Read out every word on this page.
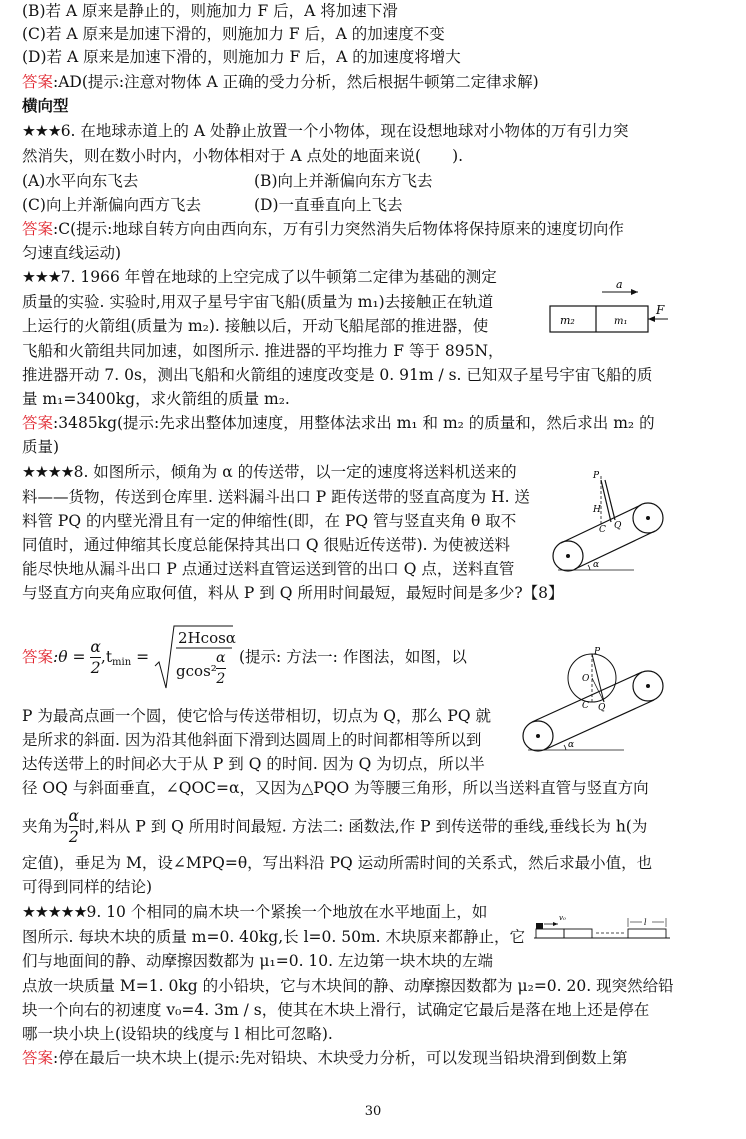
(B)若 A 原来是静止的，则施加力 F 后，A 将加速下滑
(C)若 A 原来是加速下滑的，则施加力 F 后，A 的加速度不变
(D)若 A 原来是加速下滑的，则施加力 F 后，A 的加速度将增大
答案:AD(提示:注意对物体 A 正确的受力分析，然后根据牛顿第二定律求解)
横向型
★★★6. 在地球赤道上的 A 处静止放置一个小物体，现在设想地球对小物体的万有引力突
然消失，则在数小时内，小物体相对于 A 点处的地面来说(　　).
(A)水平向东飞去	(B)向上并渐偏向东方飞去
(C)向上并渐偏向西方飞去	(D)一直垂直向上飞去
答案:C(提示:地球自转方向由西向东，万有引力突然消失后物体将保持原来的速度切向作
匀速直线运动)
★★★7. 1966 年曾在地球的上空完成了以牛顿第二定律为基础的测定
质量的实验. 实验时,用双子星号宇宙飞船(质量为 m₁)去接触正在轨道
上运行的火箭组(质量为 m₂). 接触以后，开动飞船尾部的推进器，使
飞船和火箭组共同加速，如图所示. 推进器的平均推力 F 等于 895N，
推进器开动 7. 0s，测出飞船和火箭组的速度改变是 0. 91m / s. 已知双子星号宇宙飞船的质
量 m₁=3400kg，求火箭组的质量 m₂.
答案:3485kg(提示:先求出整体加速度，用整体法求出 m₁ 和 m₂ 的质量和，然后求出 m₂ 的
质量)
a
m₂	m₁
F
★★★★8. 如图所示，倾角为 α 的传送带，以一定的速度将送料机送来的
料——货物，传送到仓库里. 送料漏斗出口 P 距传送带的竖直高度为 H. 送
料管 PQ 的内壁光滑且有一定的伸缩性(即，在 PQ 管与竖直夹角 θ 取不
同值时，通过伸缩其长度总能保持其出口 Q 很贴近传送带). 为使被送料
能尽快地从漏斗出口 P 点通过送料直管运送到管的出口 Q 点，送料直管
与竖直方向夹角应取何值，料从 P 到 Q 所用时间最短，最短时间是多少?【8】
α
P
H
C Q
答案:θ = $\frac{\alpha}{2} ,t_{min}$ =
2Hcosα
$gcos^2 \frac{\alpha}{2}$ (提示: 方法一: 作图法，如图，以
α
P
O
C Q
P 为最高点画一个圆，使它恰与传送带相切，切点为 Q，那么 PQ 就
是所求的斜面. 因为沿其他斜面下滑到达圆周上的时间都相等所以到
达传送带上的时间必大于从 P 到 Q 的时间. 因为 Q 为切点，所以半
径 OQ 与斜面垂直，∠QOC=α，又因为△PQO 为等腰三角形，所以当送料直管与竖直方向
夹角为 $\frac{\alpha}{2}$ 时,料从 P 到 Q 所用时间最短. 方法二: 函数法,作 P 到传送带的垂线,垂线长为 h(为
定值)，垂足为 M，设∠MPQ=θ，写出料沿 PQ 运动所需时间的关系式，然后求最小值，也
可得到同样的结论)
★★★★★9. 10 个相同的扁木块一个紧挨一个地放在水平地面上，如
图所示. 每块木块的质量 m=0. 40kg,长 l=0. 50m. 木块原来都静止，它
们与地面间的静、动摩擦因数都为 μ₁=0. 10. 左边第一块木块的左端
点放一块质量 M=1. 0kg 的小铅块，它与木块间的静、动摩擦因数都为 μ₂=0. 20. 现突然给铅
块一个向右的初速度 v₀=4. 3m / s，使其在木块上滑行，试确定它最后是落在地上还是停在
哪一块小块上(设铅块的线度与 l 相比可忽略).
答案:停在最后一块木块上(提示:先对铅块、木块受力分析，可以发现当铅块滑到倒数上第
v₀	l
30
